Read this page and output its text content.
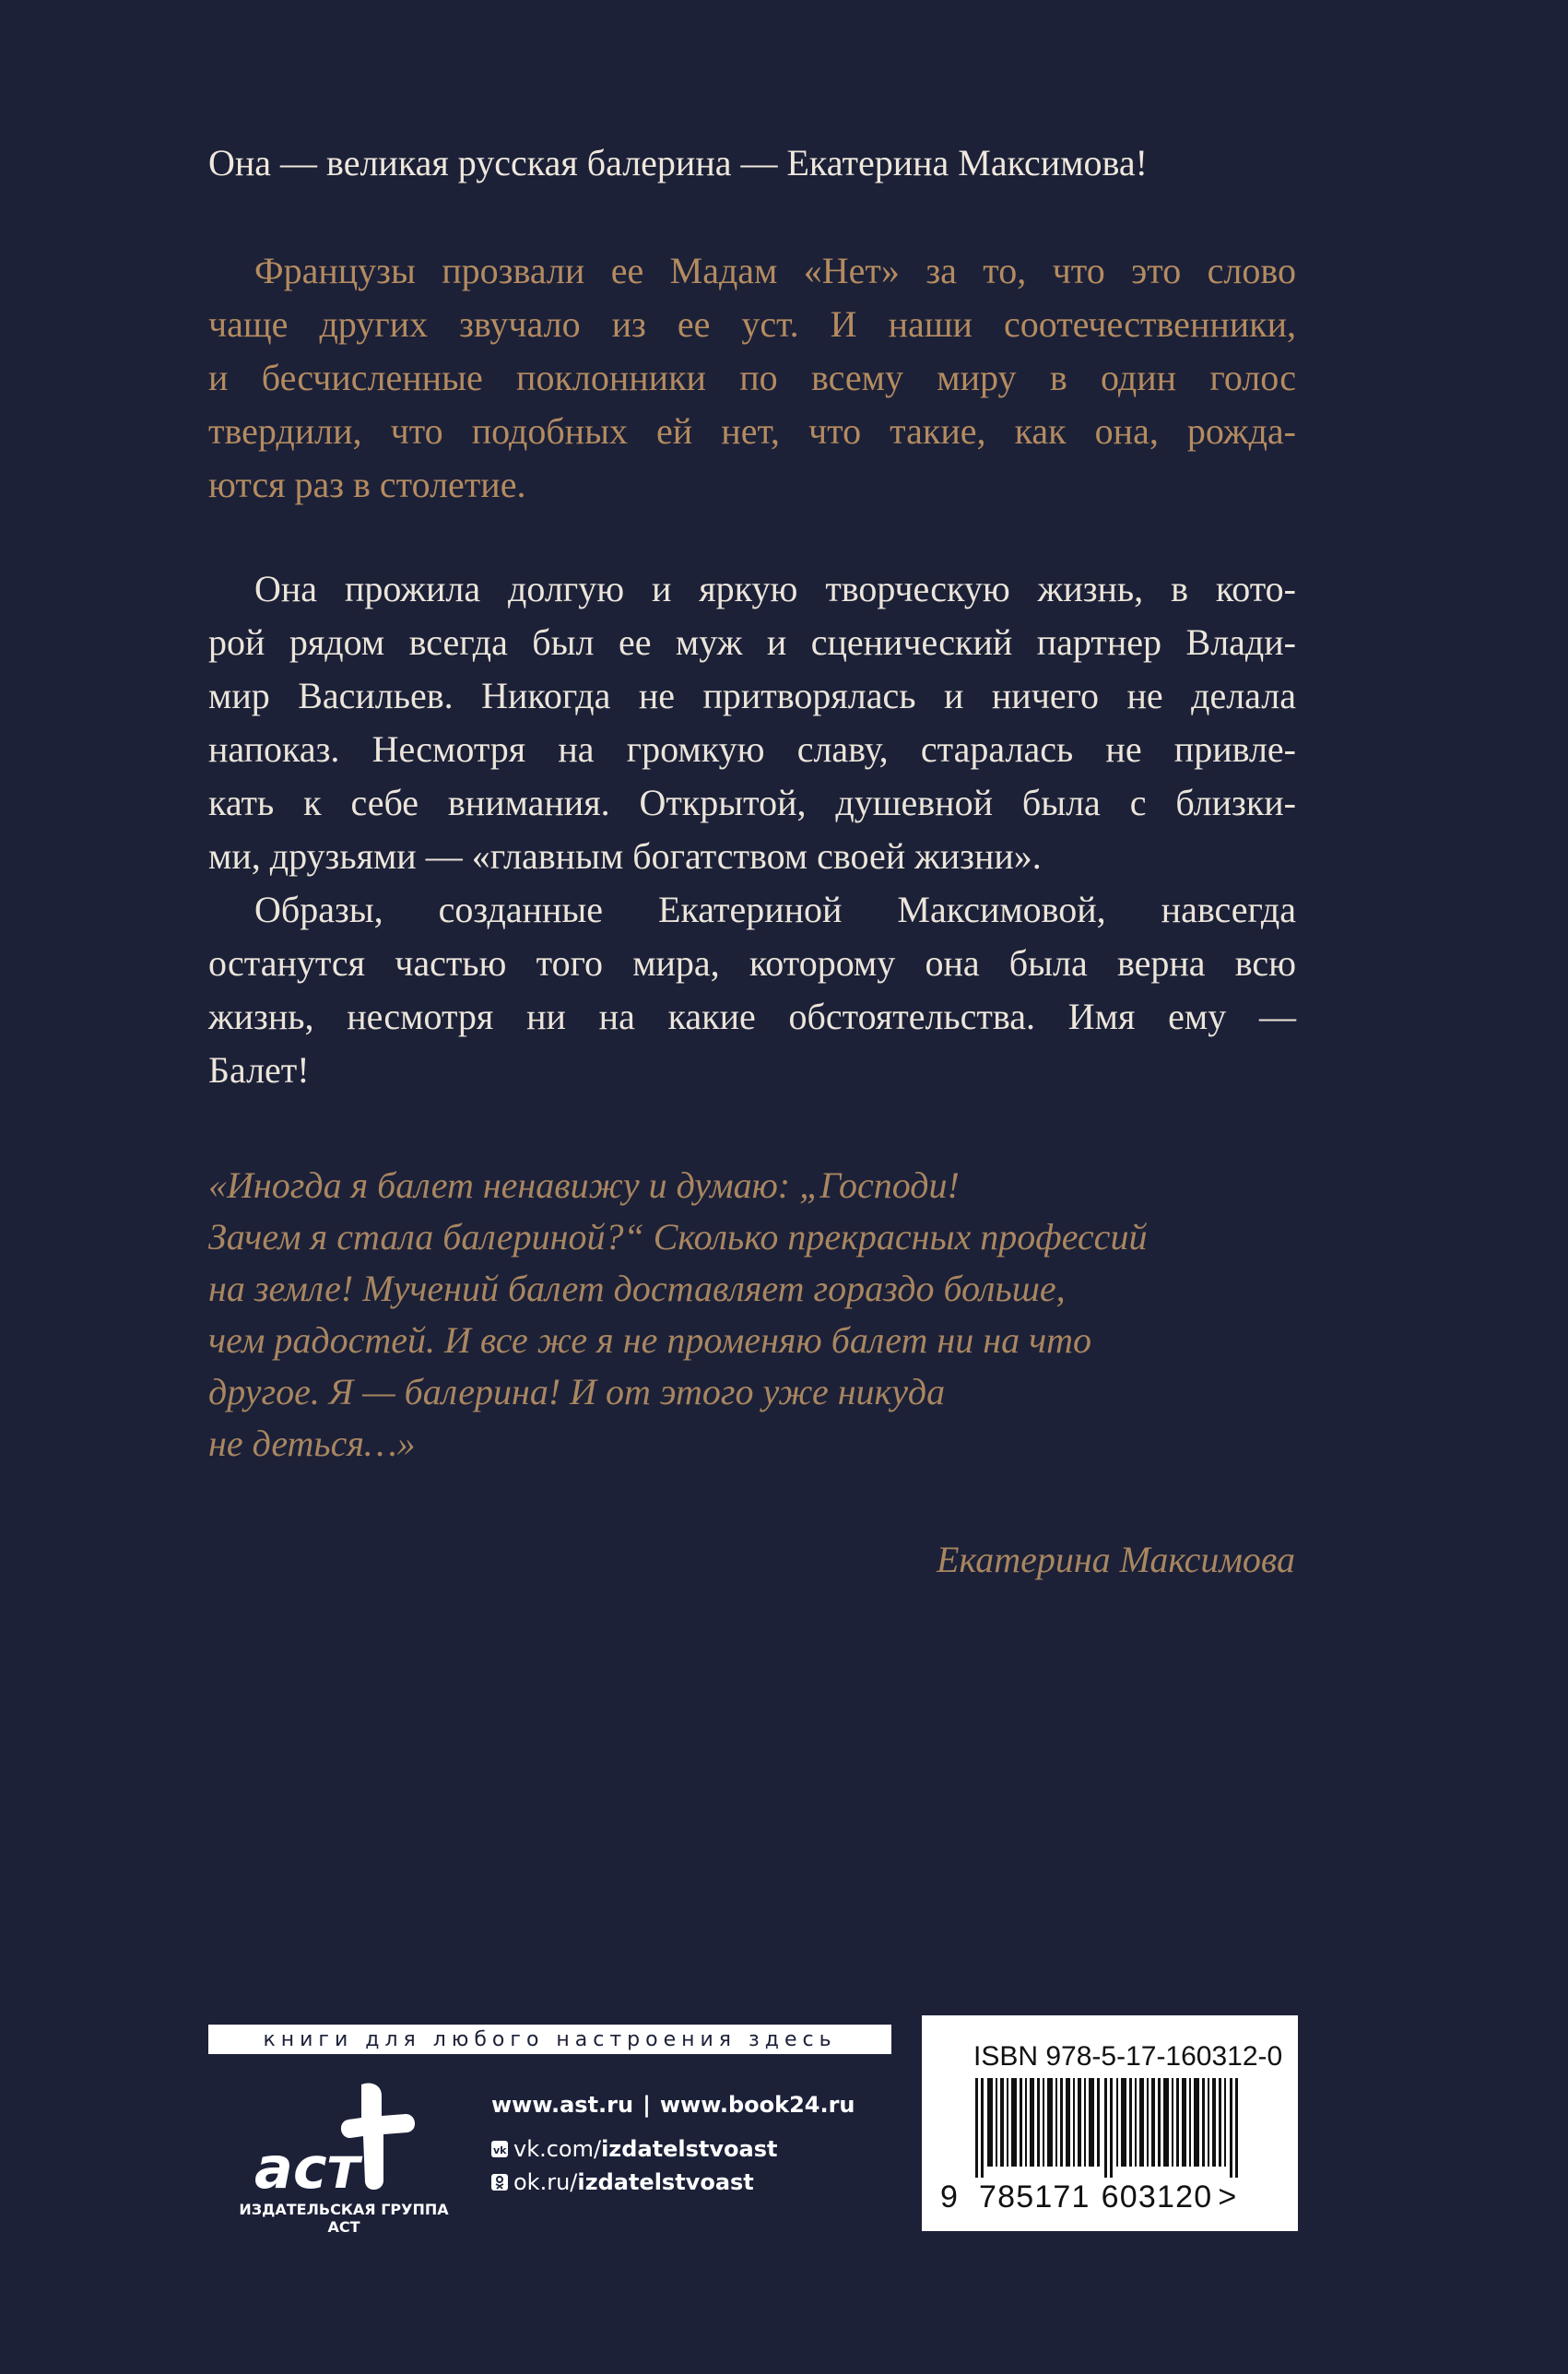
Она — великая русская балерина — Екатерина Максимова!

Французы прозвали ее Мадам «Нет» за то, что это слово
чаще других звучало из ее уст. И наши соотечественники,
и бесчисленные поклонники по всему миру в один голос
твердили, что подобных ей нет, что такие, как она, рожда-
ются раз в столетие.
Она прожила долгую и яркую творческую жизнь, в кото-
рой рядом всегда был ее муж и сценический партнер Влади-
мир Васильев. Никогда не притворялась и ничего не делала
напоказ. Несмотря на громкую славу, старалась не привле-
кать к себе внимания. Открытой, душевной была с близки-
ми, друзьями — «главным богатством своей жизни».
Образы, созданные Екатериной Максимовой, навсегда
останутся частью того мира, которому она была верна всю
жизнь, несмотря ни на какие обстоятельства. Имя ему —
Балет!
«Иногда я балет ненавижу и думаю: „Господи!
Зачем я стала балериной?“ Сколько прекрасных профессий
на земле! Мучений балет доставляет гораздо больше,
чем радостей. И все же я не променяю балет ни на что
другое. Я — балерина! И от этого уже никуда
не деться…»
Екатерина Максимова
книги для любого настроения здесь
аст
ИЗДАТЕЛЬСКАЯ ГРУППА АСТ
www.ast.ru | www.book24.ru
vk vk.com/ izdatelstvoast
ok.ru/ izdatelstvoast
ISBN 978-5-17-160312-0
9 785171 603120 >
